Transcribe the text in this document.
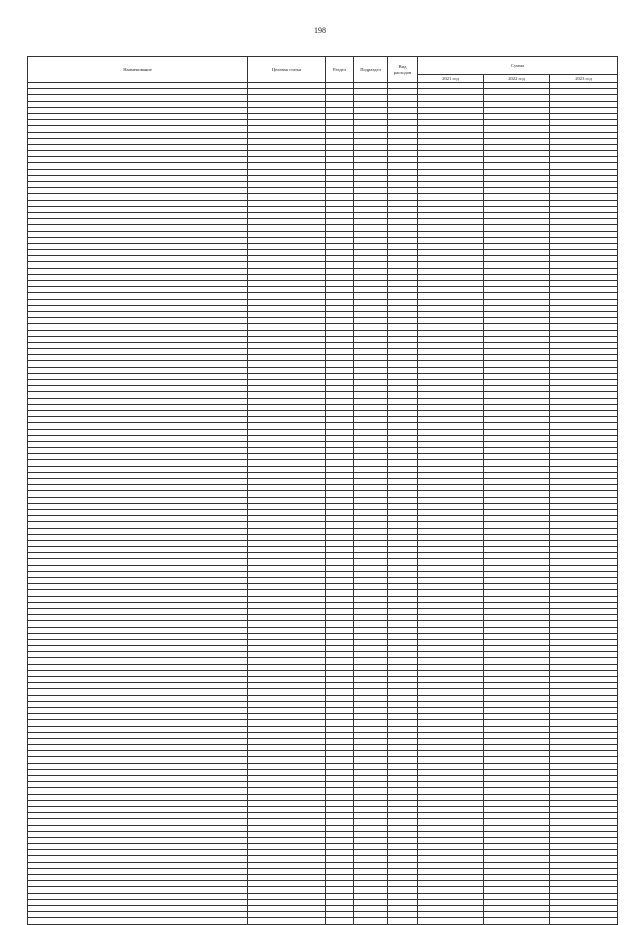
198
Наименование	Целевая статья	Раздел	Подраздел	Вид расходов	Сумма		
					2021 год	2022 год	2023 год
